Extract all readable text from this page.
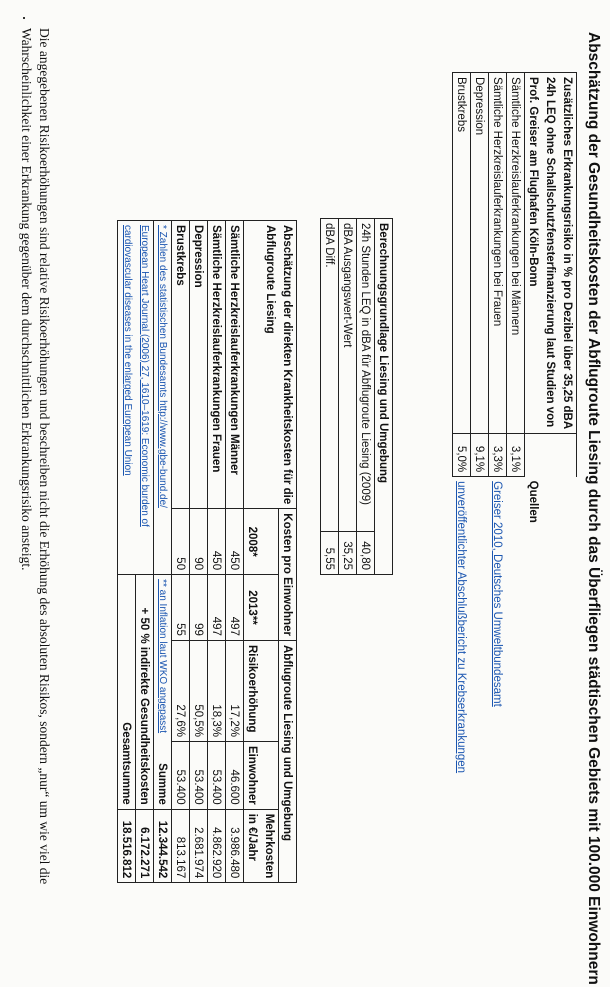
Abschätzung der Gesundheitskosten der Abflugroute Liesing durch das Überfliegen städtischen Gebiets mit 100.000 Einwohnern
Zusätzliches Erkrankungsrisiko in % pro Dezibel über 35,25 dBA		
24h LEQ ohne Schallschutzfensterfinanzierung laut Studien von		
Prof. Greiser am Flughafen Köln-Bonn		Quellen
Sämtliche Herzkreislauferkrankungen bei Männern	3,1%	
Sämtliche Herzkreislauferkrankungen bei Frauen	3,3%	Greiser 2010, Deutsches Umweltbundesamt
Depression	9,1%	
Brustkrebs	5,0%	unveröffentlichter Abschlußbericht zu Krebserkrankungen
Berechnungsgrundlage Liesing und Umgebung	
24h Stunden LEQ in dBA für Abflugroute Liesing (2009)	40,80
dBA Ausgangswert-Wert	35,25
dBA Diff.	5,55
Abschätzung der direkten Krankheitskosten für die	Kosten pro Einwohner		Abflugroute Liesing und Umgebung		
Abflugroute Liesing	2008*	2013**	Risikoerhöhung	Einwohner	Mehrkosten
					in €/Jahr
Sämtliche Herzkreislauferkrankungen Männer	450	497	17,2%	46.600	3.986.480
Sämtliche Herzkreislauferkrankungen Frauen	450	497	18,3%	53.400	4.862.920
Depression	90	99	50,5%	53.400	2.681.974
Brustkrebs	50	55	27,6%	53.400	813.167
* Zahlen des statistischen Bundesamts http://www.gbe-bund.de/		** an Inflation laut WKO angepasst		Summe	12.344.542
European Heart Journal (2006) 27, 1610–1619: Economic burden of		+ 50 % indirekte Gesundheitskosten			6.172.271
cardiovascular diseases in the enlarged European Union		Gesamtsumme			18.516.812
Die angegebenen Risikoerhöhungen sind relative Risikoerhöhungen und beschreiben nicht die Erhöhung des absoluten Risikos, sondern „nur“ um wie viel die Wahrscheinlichkeit einer Erkrankung gegenüber dem durchschnittlichen Erkrankungsrisiko ansteigt.
